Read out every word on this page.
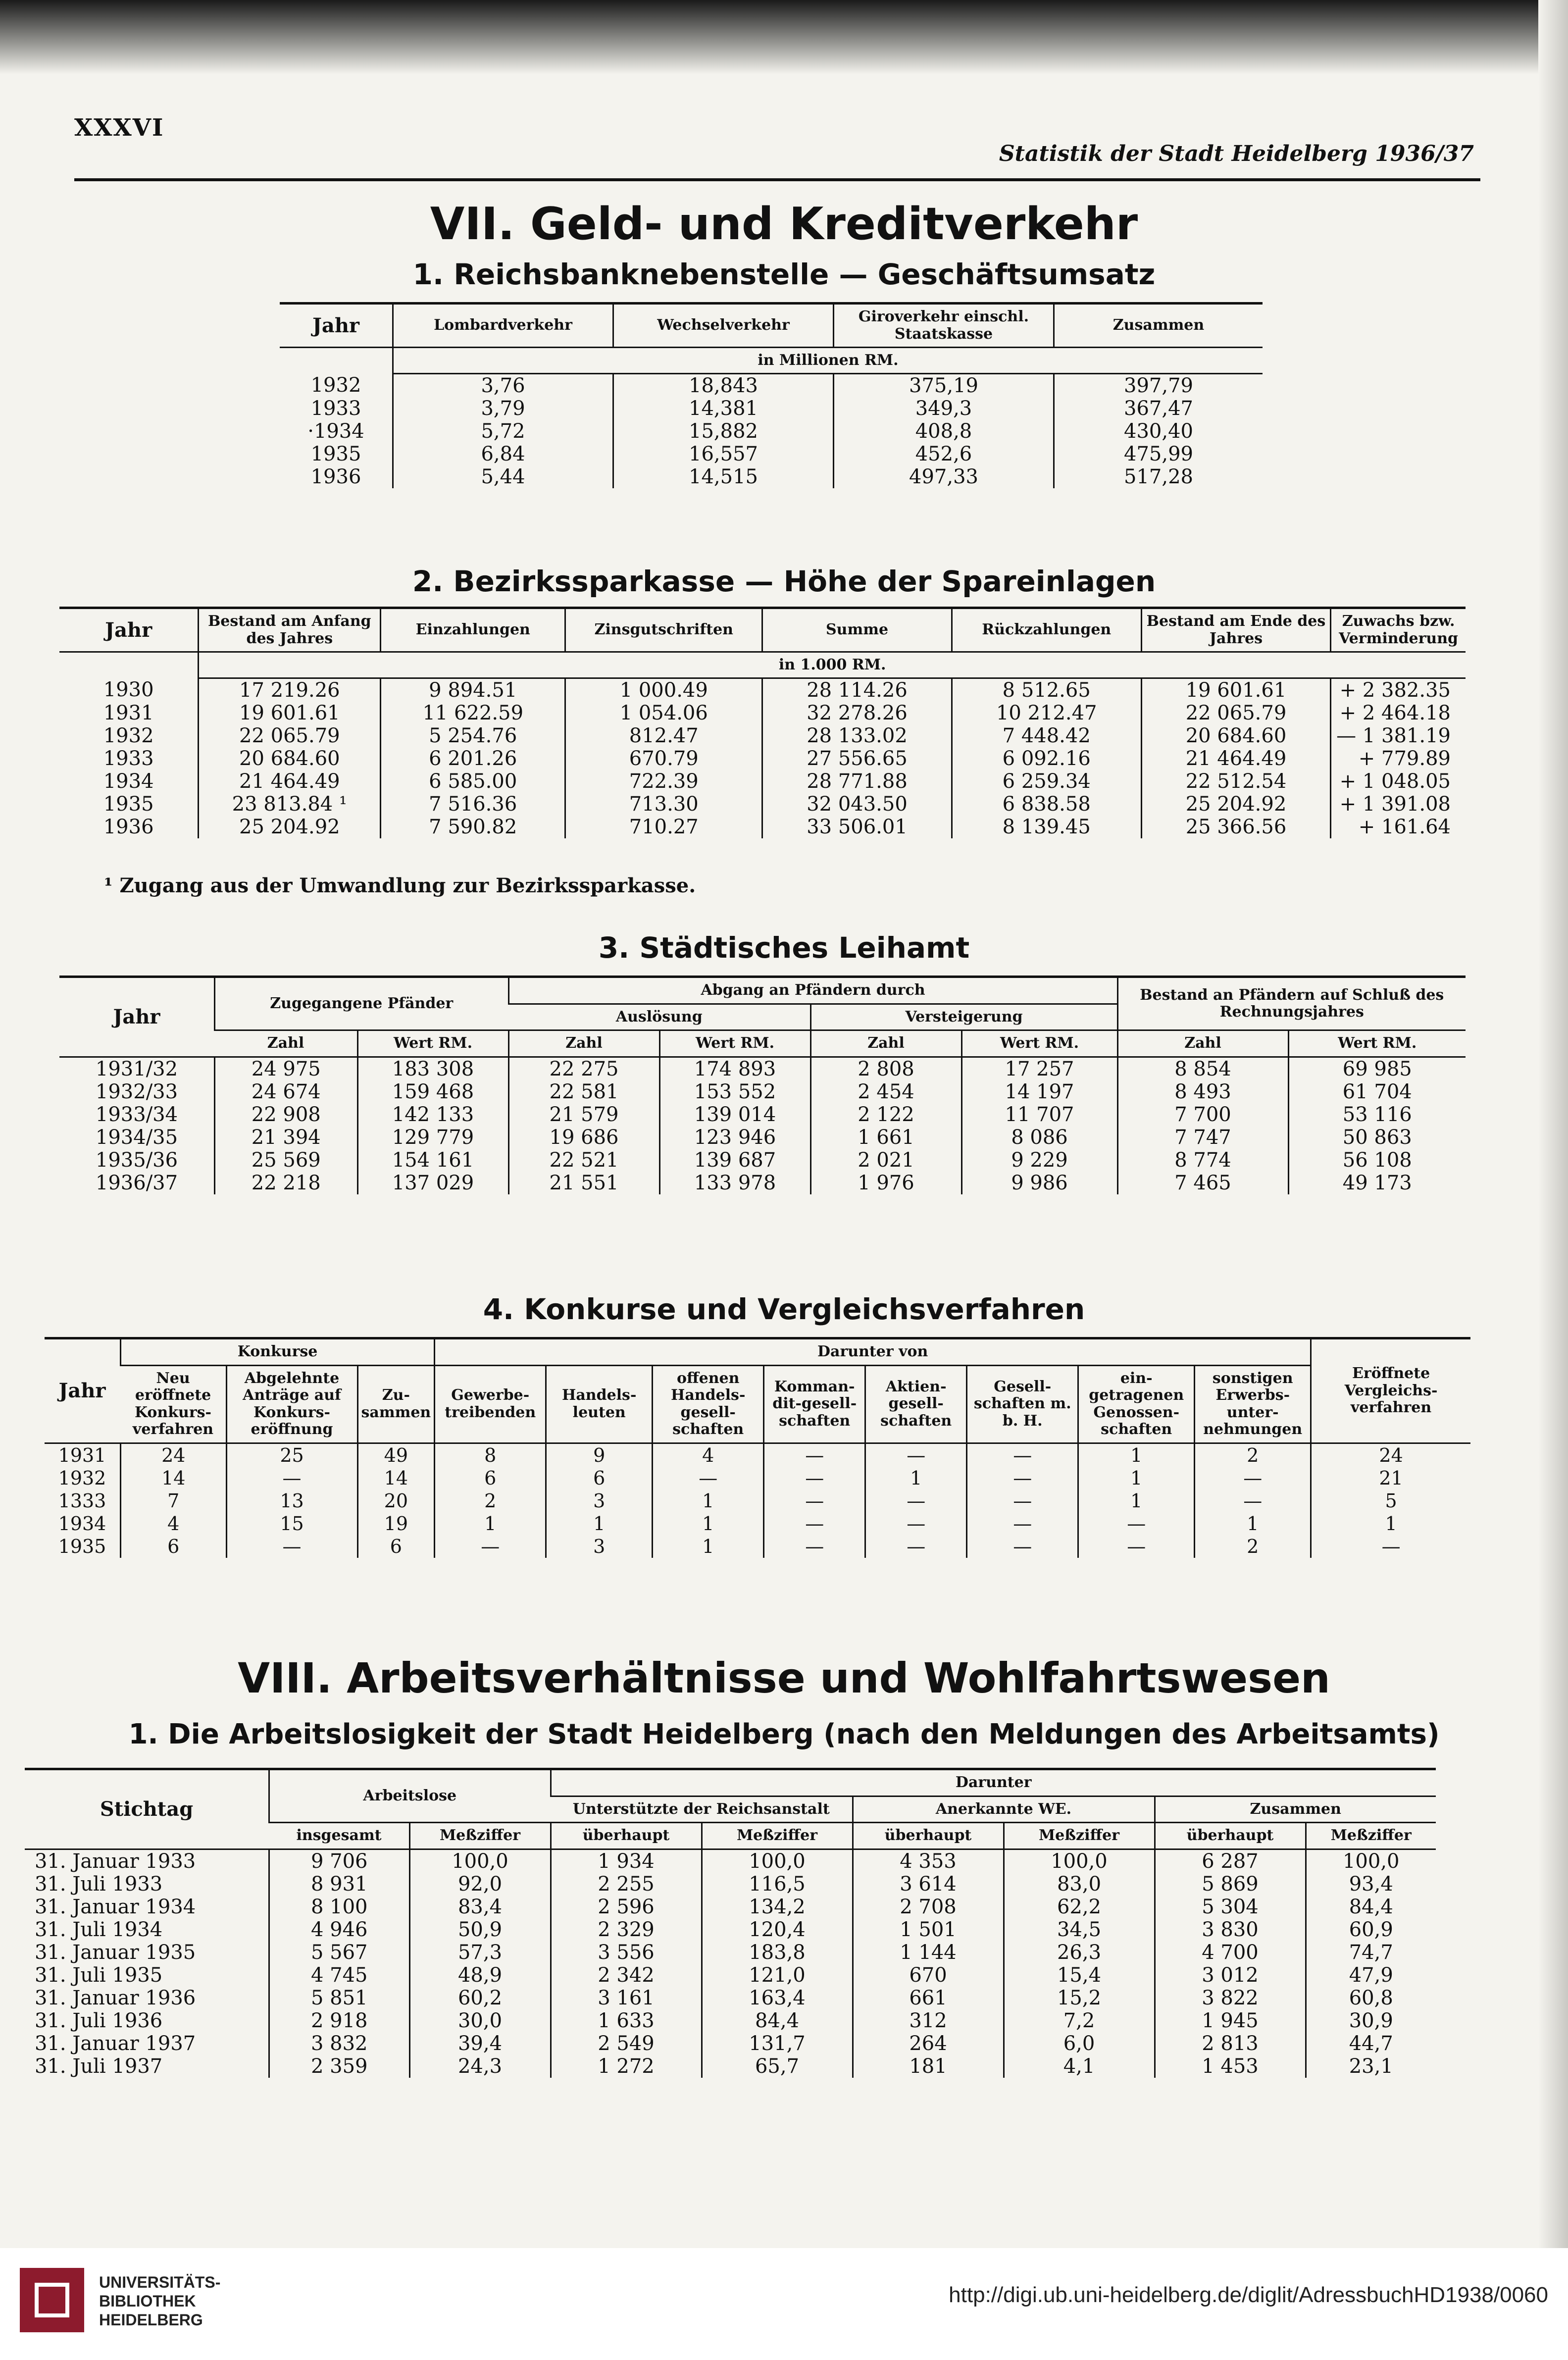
XXXVI
Statistik der Stadt Heidelberg 1936/37
VII. Geld- und Kreditverkehr
1. Reichsbanknebenstelle — Geschäftsumsatz
Jahr	Lombardverkehr	Wechselverkehr	Giroverkehr einschl. Staatskasse	Zusammen
	in Millionen RM.			
1932	3,76	18,843	375,19	397,79
1933	3,79	14,381	349,3	367,47
·1934	5,72	15,882	408,8	430,40
1935	6,84	16,557	452,6	475,99
1936	5,44	14,515	497,33	517,28
2. Bezirkssparkasse — Höhe der Spareinlagen
Jahr	Bestand am Anfang des Jahres	Einzahlungen	Zinsgutschriften	Summe	Rückzahlungen	Bestand am Ende des Jahres	Zuwachs bzw. Verminderung
	in 1.000 RM.						
1930	17 219.26	9 894.51	1 000.49	28 114.26	8 512.65	19 601.61	+ 2 382.35
1931	19 601.61	11 622.59	1 054.06	32 278.26	10 212.47	22 065.79	+ 2 464.18
1932	22 065.79	5 254.76	812.47	28 133.02	7 448.42	20 684.60	— 1 381.19
1933	20 684.60	6 201.26	670.79	27 556.65	6 092.16	21 464.49	+ 779.89
1934	21 464.49	6 585.00	722.39	28 771.88	6 259.34	22 512.54	+ 1 048.05
1935	23 813.84 ¹	7 516.36	713.30	32 043.50	6 838.58	25 204.92	+ 1 391.08
1936	25 204.92	7 590.82	710.27	33 506.01	8 139.45	25 366.56	+ 161.64
¹ Zugang aus der Umwandlung zur Bezirkssparkasse.
3. Städtisches Leihamt
Jahr	Zugegangene Pfänder		Abgang an Pfändern durch				Bestand an Pfändern auf Schluß des Rechnungsjahres	
			Auslösung		Versteigerung			
	Zahl	Wert RM.	Zahl	Wert RM.	Zahl	Wert RM.	Zahl	Wert RM.

1931/32	24 975	183 308	22 275	174 893	2 808	17 257	8 854	69 985
1932/33	24 674	159 468	22 581	153 552	2 454	14 197	8 493	61 704
1933/34	22 908	142 133	21 579	139 014	2 122	11 707	7 700	53 116
1934/35	21 394	129 779	19 686	123 946	1 661	8 086	7 747	50 863
1935/36	25 569	154 161	22 521	139 687	2 021	9 229	8 774	56 108
1936/37	22 218	137 029	21 551	133 978	1 976	9 986	7 465	49 173
4. Konkurse und Vergleichsverfahren
Jahr	Konkurse			Darunter von								Eröffnete Vergleichs-verfahren
	Neu eröffnete Konkurs-verfahren	Abgelehnte Anträge auf Konkurs-eröffnung	Zu-sammen	Gewerbe-treibenden	Handels-leuten	offenen Handels-gesell-schaften	Komman-dit-gesell-schaften	Aktien-gesell-schaften	Gesell-schaften m. b. H.	ein-getragenen Genossen-schaften	sonstigen Erwerbs-unter-nehmungen	

1931	24	25	49	8	9	4	—	—	—	1	2	24
1932	14	—	14	6	6	—	—	1	—	1	—	21
1333	7	13	20	2	3	1	—	—	—	1	—	5
1934	4	15	19	1	1	1	—	—	—	—	1	1
1935	6	—	6	—	3	1	—	—	—	—	2	—
VIII. Arbeitsverhältnisse und Wohlfahrtswesen
1. Die Arbeitslosigkeit der Stadt Heidelberg (nach den Meldungen des Arbeitsamts)
Stichtag	Arbeitslose		Darunter					
			Unterstützte der Reichsanstalt		Anerkannte WE.		Zusammen	
	insgesamt	Meßziffer	überhaupt	Meßziffer	überhaupt	Meßziffer	überhaupt	Meßziffer

31. Januar 1933	9 706	100,0	1 934	100,0	4 353	100,0	6 287	100,0
31. Juli 1933	8 931	92,0	2 255	116,5	3 614	83,0	5 869	93,4
31. Januar 1934	8 100	83,4	2 596	134,2	2 708	62,2	5 304	84,4
31. Juli 1934	4 946	50,9	2 329	120,4	1 501	34,5	3 830	60,9
31. Januar 1935	5 567	57,3	3 556	183,8	1 144	26,3	4 700	74,7
31. Juli 1935	4 745	48,9	2 342	121,0	670	15,4	3 012	47,9
31. Januar 1936	5 851	60,2	3 161	163,4	661	15,2	3 822	60,8
31. Juli 1936	2 918	30,0	1 633	84,4	312	7,2	1 945	30,9
31. Januar 1937	3 832	39,4	2 549	131,7	264	6,0	2 813	44,7
31. Juli 1937	2 359	24,3	1 272	65,7	181	4,1	1 453	23,1
UNIVERSITÄTS-
BIBLIOTHEK
HEIDELBERG
http://digi.ub.uni-heidelberg.de/diglit/AdressbuchHD1938/0060
